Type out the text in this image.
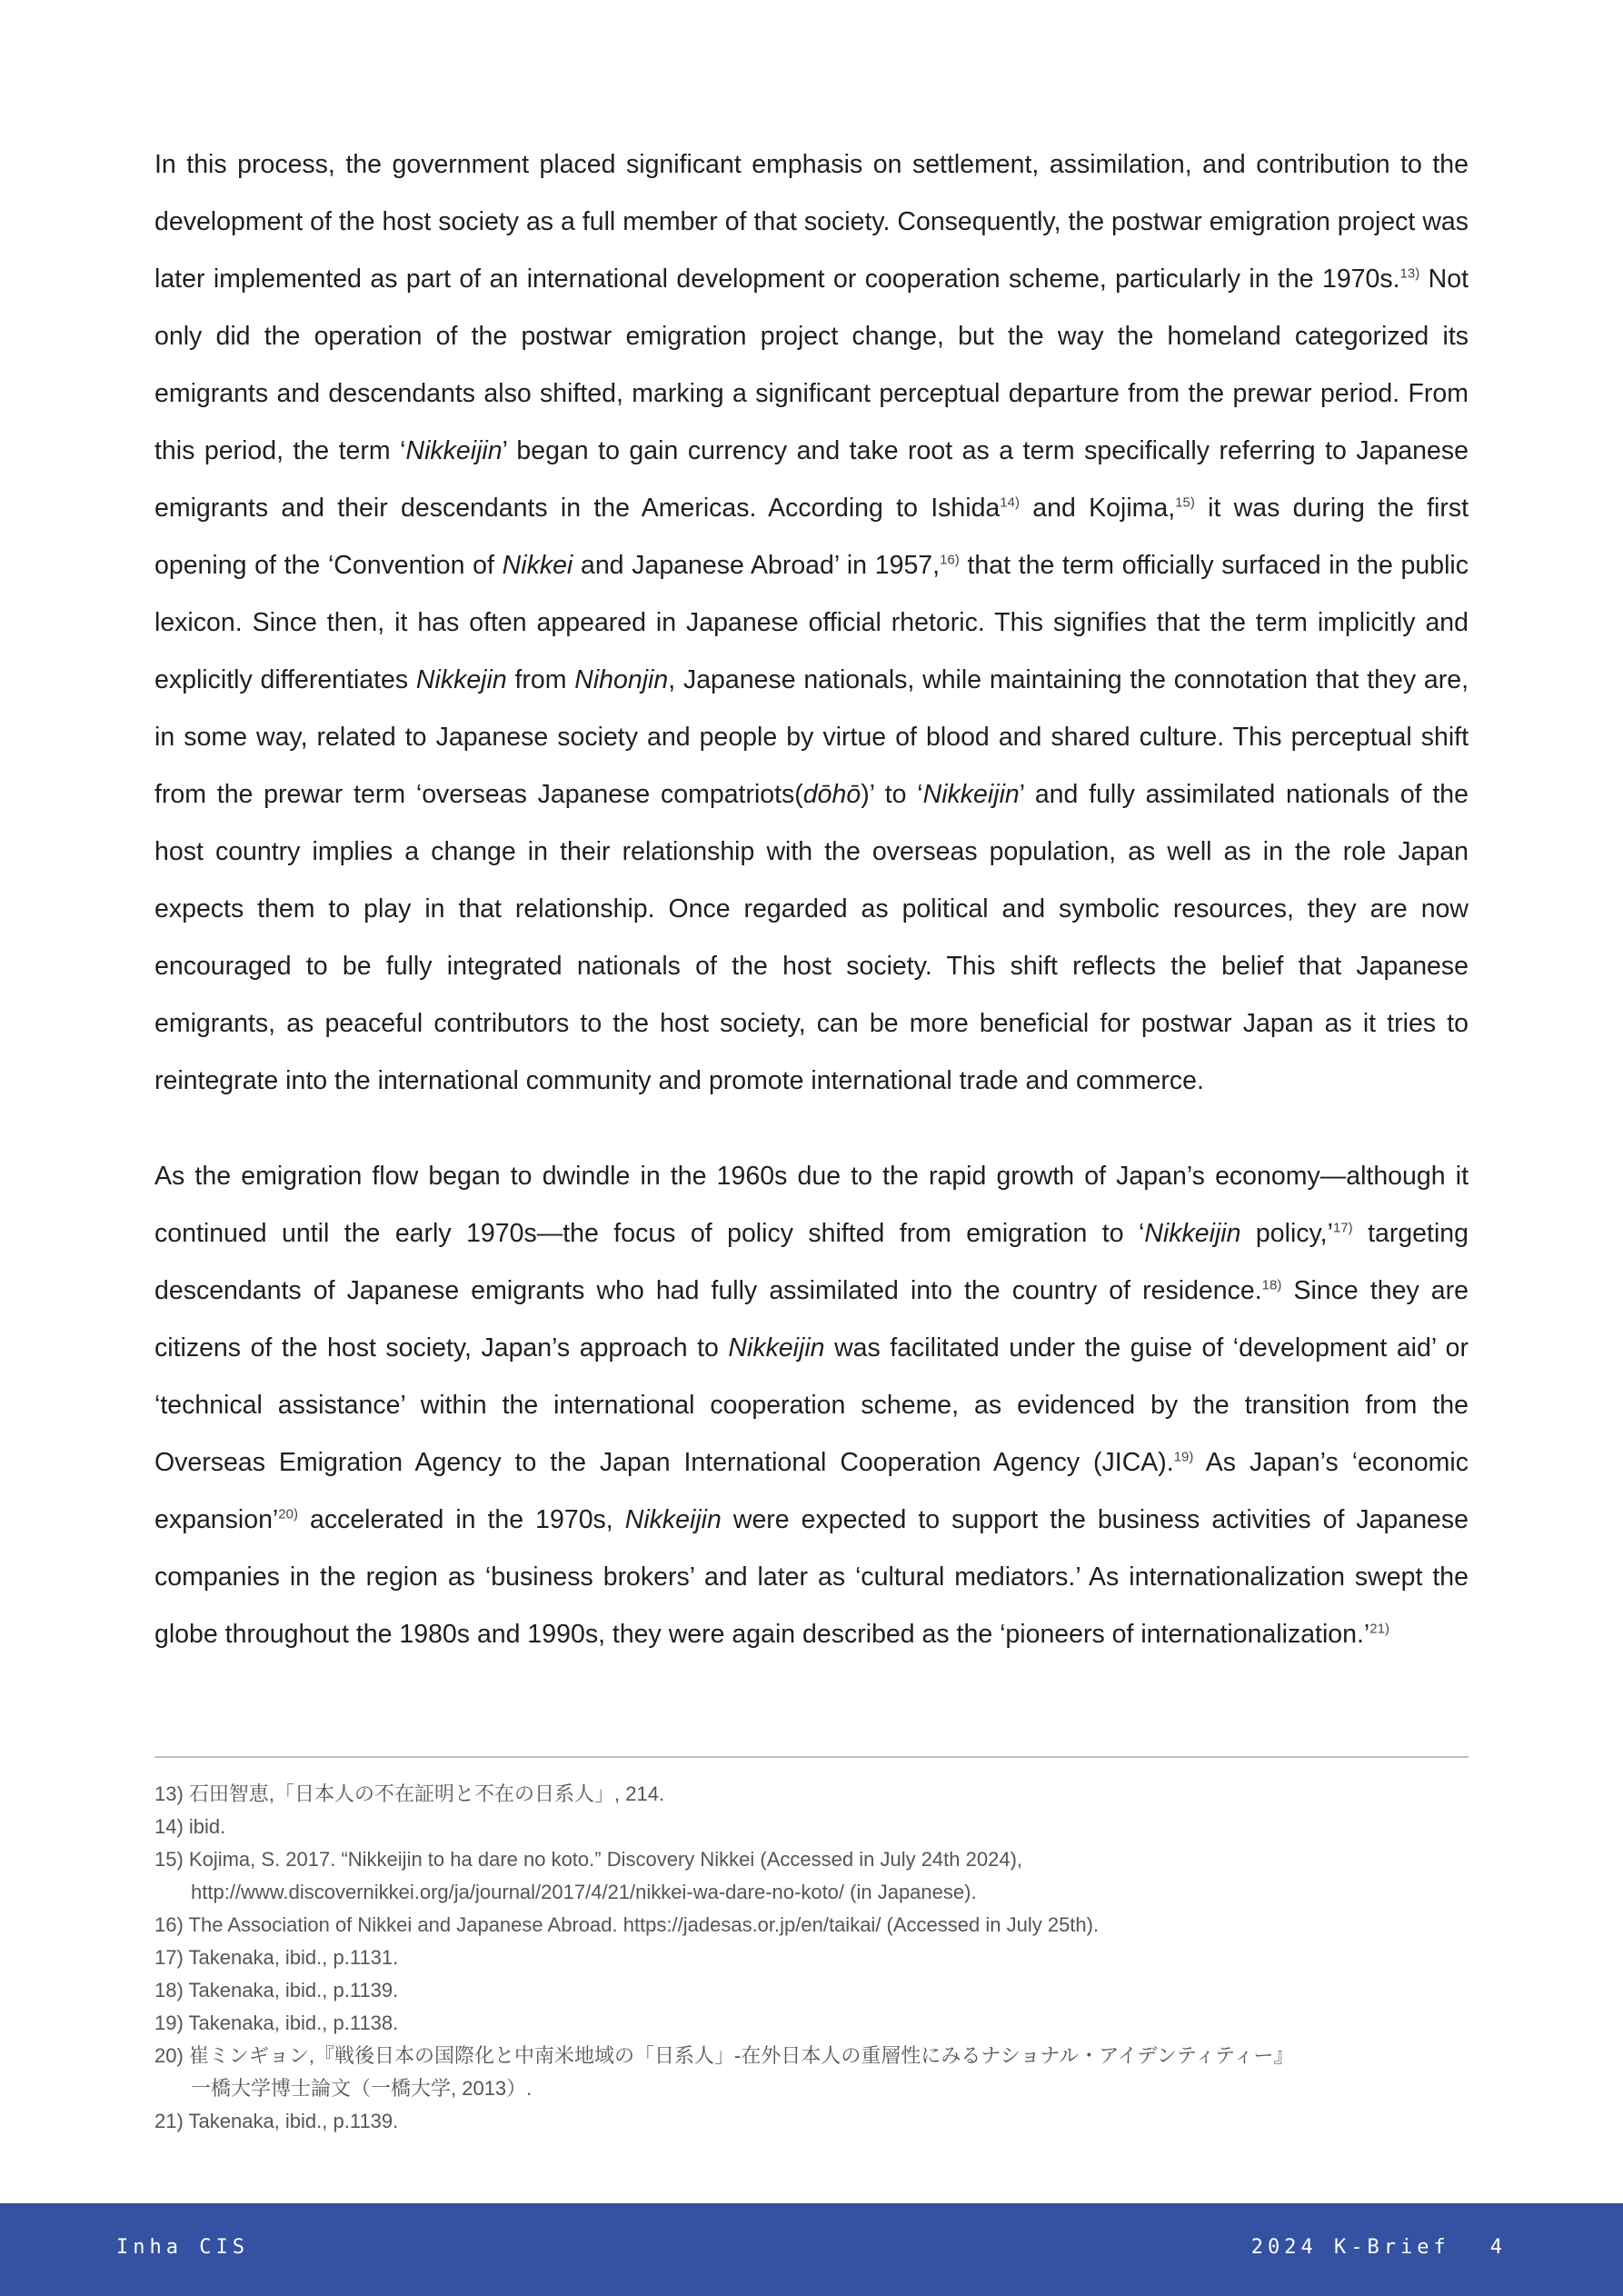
In this process, the government placed significant emphasis on settlement, assimilation, and contribution to the development of the host society as a full member of that society. Consequently, the postwar emigration project was later implemented as part of an international development or cooperation scheme, particularly in the 1970s.$^{13)}$ Not only did the operation of the postwar emigration project change, but the way the homeland categorized its emigrants and descendants also shifted, marking a significant perceptual departure from the prewar period. From this period, the term ‘Nikkeijin’ began to gain currency and take root as a term specifically referring to Japanese emigrants and their descendants in the Americas. According to Ishida$^{14)}$ and Kojima,$^{15)}$ it was during the first opening of the ‘Convention of Nikkei and Japanese Abroad’ in 1957,$^{16)}$ that the term officially surfaced in the public lexicon. Since then, it has often appeared in Japanese official rhetoric. This signifies that the term implicitly and explicitly differentiates Nikkejin from Nihonjin, Japanese nationals, while maintaining the connotation that they are, in some way, related to Japanese society and people by virtue of blood and shared culture. This perceptual shift from the prewar term ‘overseas Japanese compatriots(dōhō)’ to ‘Nikkeijin’ and fully assimilated nationals of the host country implies a change in their relationship with the overseas population, as well as in the role Japan expects them to play in that relationship. Once regarded as political and symbolic resources, they are now encouraged to be fully integrated nationals of the host society. This shift reflects the belief that Japanese emigrants, as peaceful contributors to the host society, can be more beneficial for postwar Japan as it tries to reintegrate into the international community and promote international trade and commerce.

As the emigration flow began to dwindle in the 1960s due to the rapid growth of Japan’s economy—although it continued until the early 1970s—the focus of policy shifted from emigration to ‘Nikkeijin policy,’$^{17)}$ targeting descendants of Japanese emigrants who had fully assimilated into the country of residence.$^{18)}$ Since they are citizens of the host society, Japan’s approach to Nikkeijin was facilitated under the guise of ‘development aid’ or ‘technical assistance’ within the international cooperation scheme, as evidenced by the transition from the Overseas Emigration Agency to the Japan International Cooperation Agency (JICA).$^{19)}$ As Japan’s ‘economic expansion’$^{20)}$ accelerated in the 1970s, Nikkeijin were expected to support the business activities of Japanese companies in the region as ‘business brokers’ and later as ‘cultural mediators.’ As internationalization swept the globe throughout the 1980s and 1990s, they were again described as the ‘pioneers of internationalization.’$^{21)}$

13) 石田智恵,「日本人の不在証明と不在の日系人」, 214.
14) ibid.
15) Kojima, S. 2017. “Nikkeijin to ha dare no koto.” Discovery Nikkei (Accessed in July 24th 2024),
http://www.discovernikkei.org/ja/journal/2017/4/21/nikkei-wa-dare-no-koto/ (in Japanese).
16) The Association of Nikkei and Japanese Abroad. https://jadesas.or.jp/en/taikai/ (Accessed in July 25th).
17) Takenaka, ibid., p.1131.
18) Takenaka, ibid., p.1139.
19) Takenaka, ibid., p.1138.
20) 崔ミンギョン,『戦後日本の国際化と中南米地域の「日系人」-在外日本人の重層性にみるナショナル・アイデンティティー』
一橋大学博士論文（一橋大学, 2013）.
21) Takenaka, ibid., p.1139.
Inha CIS	2024 K-Brief 4
